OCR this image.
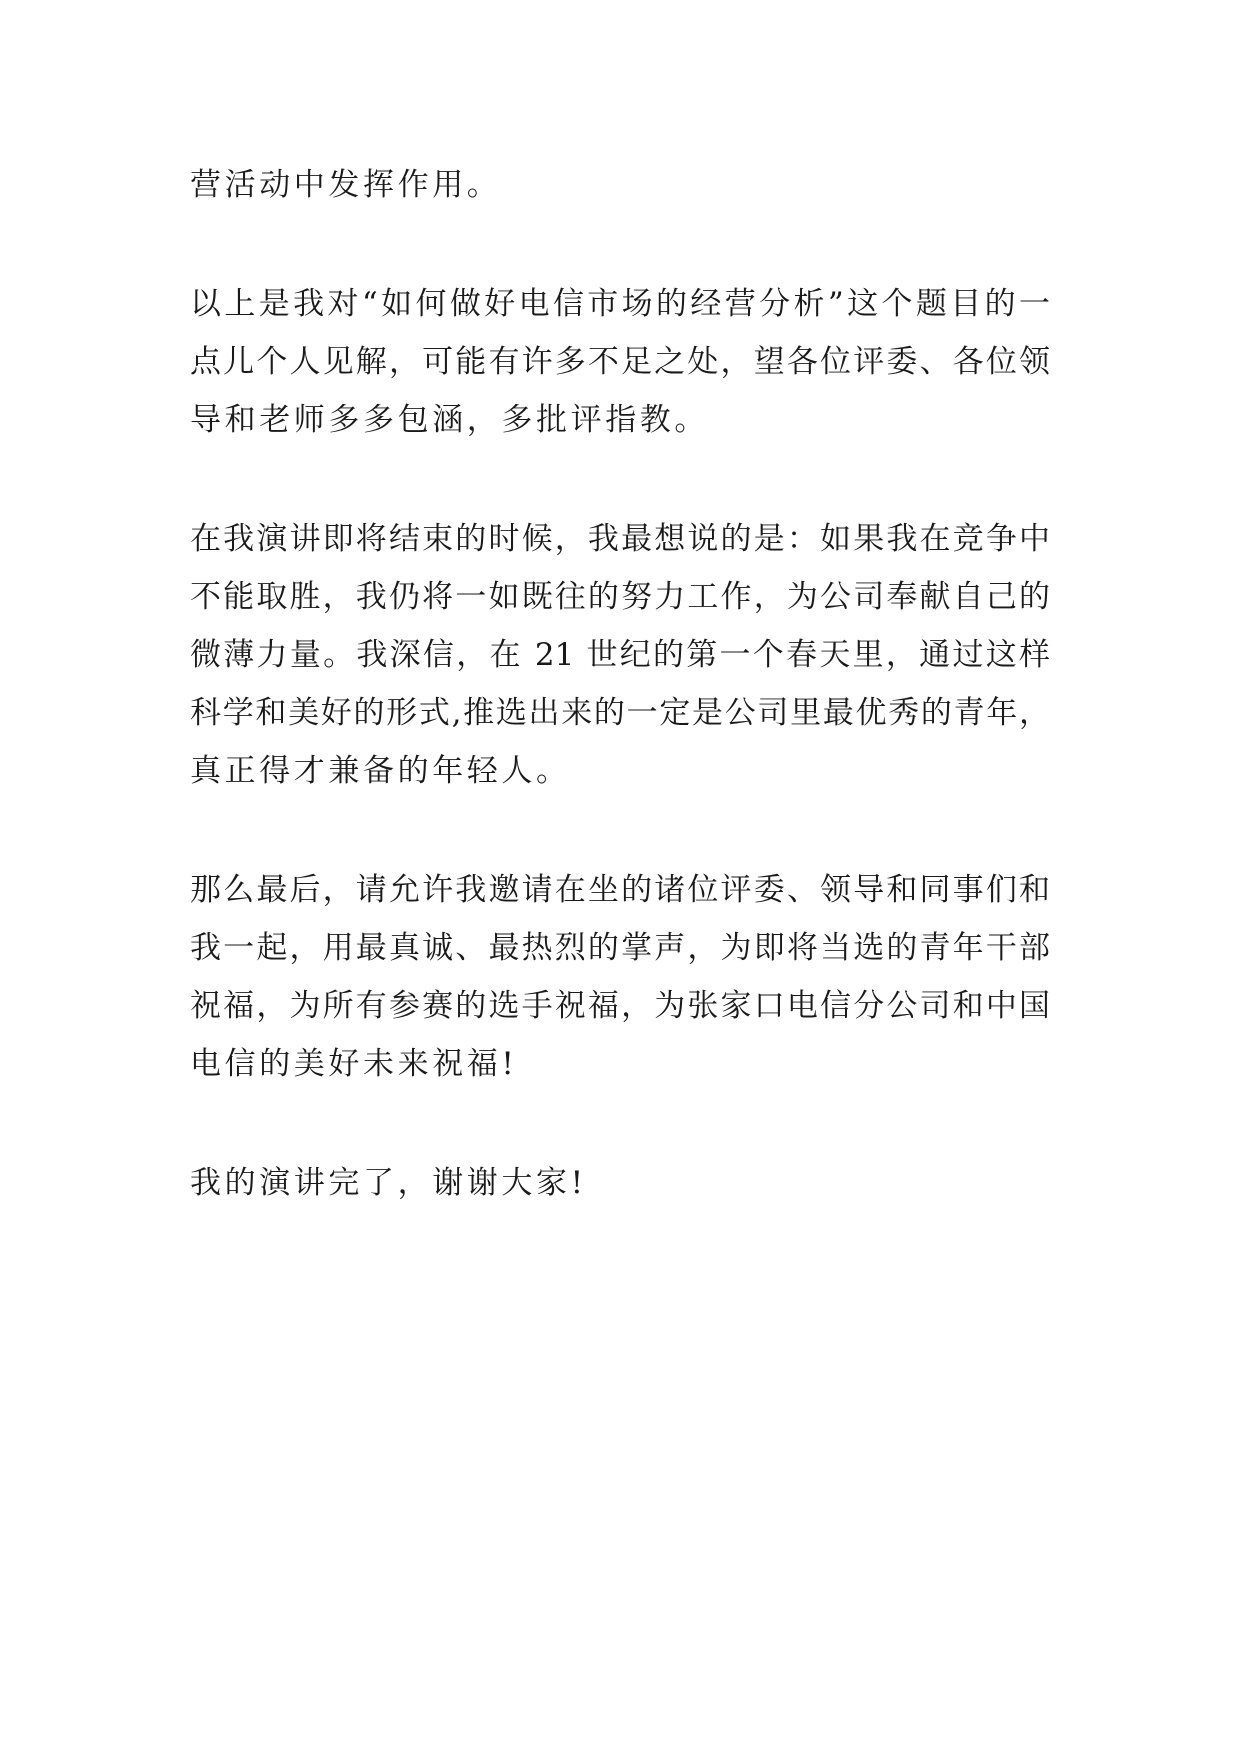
营活动中发挥作用。
以上是我对“如何做好电信市场的经营分析”这个题目的一
点儿个人见解，可能有许多不足之处，望各位评委、各位领
导和老师多多包涵，多批评指教。
在我演讲即将结束的时候，我最想说的是：如果我在竞争中
不能取胜，我仍将一如既往的努力工作，为公司奉献自己的
微薄力量。我深信，在 21 世纪的第一个春天里，通过这样
科学和美好的形式,推选出来的一定是公司里最优秀的青年，
真正得才兼备的年轻人。
那么最后，请允许我邀请在坐的诸位评委、领导和同事们和
我一起，用最真诚、最热烈的掌声，为即将当选的青年干部
祝福，为所有参赛的选手祝福，为张家口电信分公司和中国
电信的美好未来祝福!
我的演讲完了，谢谢大家!
